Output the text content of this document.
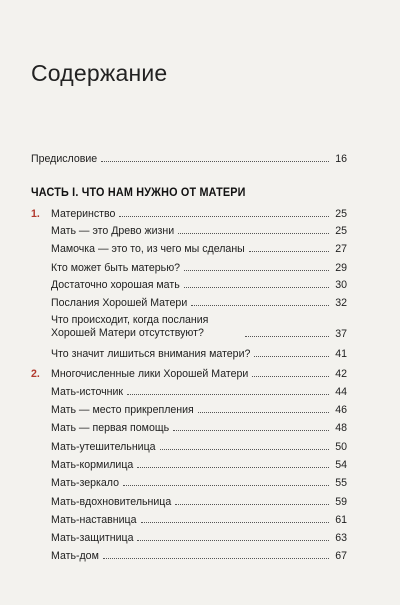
Содержание
Предисловие	16
ЧАСТЬ I. ЧТО НАМ НУЖНО ОТ МАТЕРИ
1.	Материнство	25
Мать — это Древо жизни	25
Мамочка — это то, из чего мы сделаны	27
Кто может быть матерью?	29
Достаточно хорошая мать	30
Послания Хорошей Матери	32
Что происходит, когда послания Хорошей Матери отсутствуют?	37
Что значит лишиться внимания матери?	41
2.	Многочисленные лики Хорошей Матери	42
Мать-источник	44
Мать — место прикрепления	46
Мать — первая помощь	48
Мать-утешительница	50
Мать-кормилица	54
Мать-зеркало	55
Мать-вдохновительница	59
Мать-наставница	61
Мать-защитница	63
Мать-дом	67
